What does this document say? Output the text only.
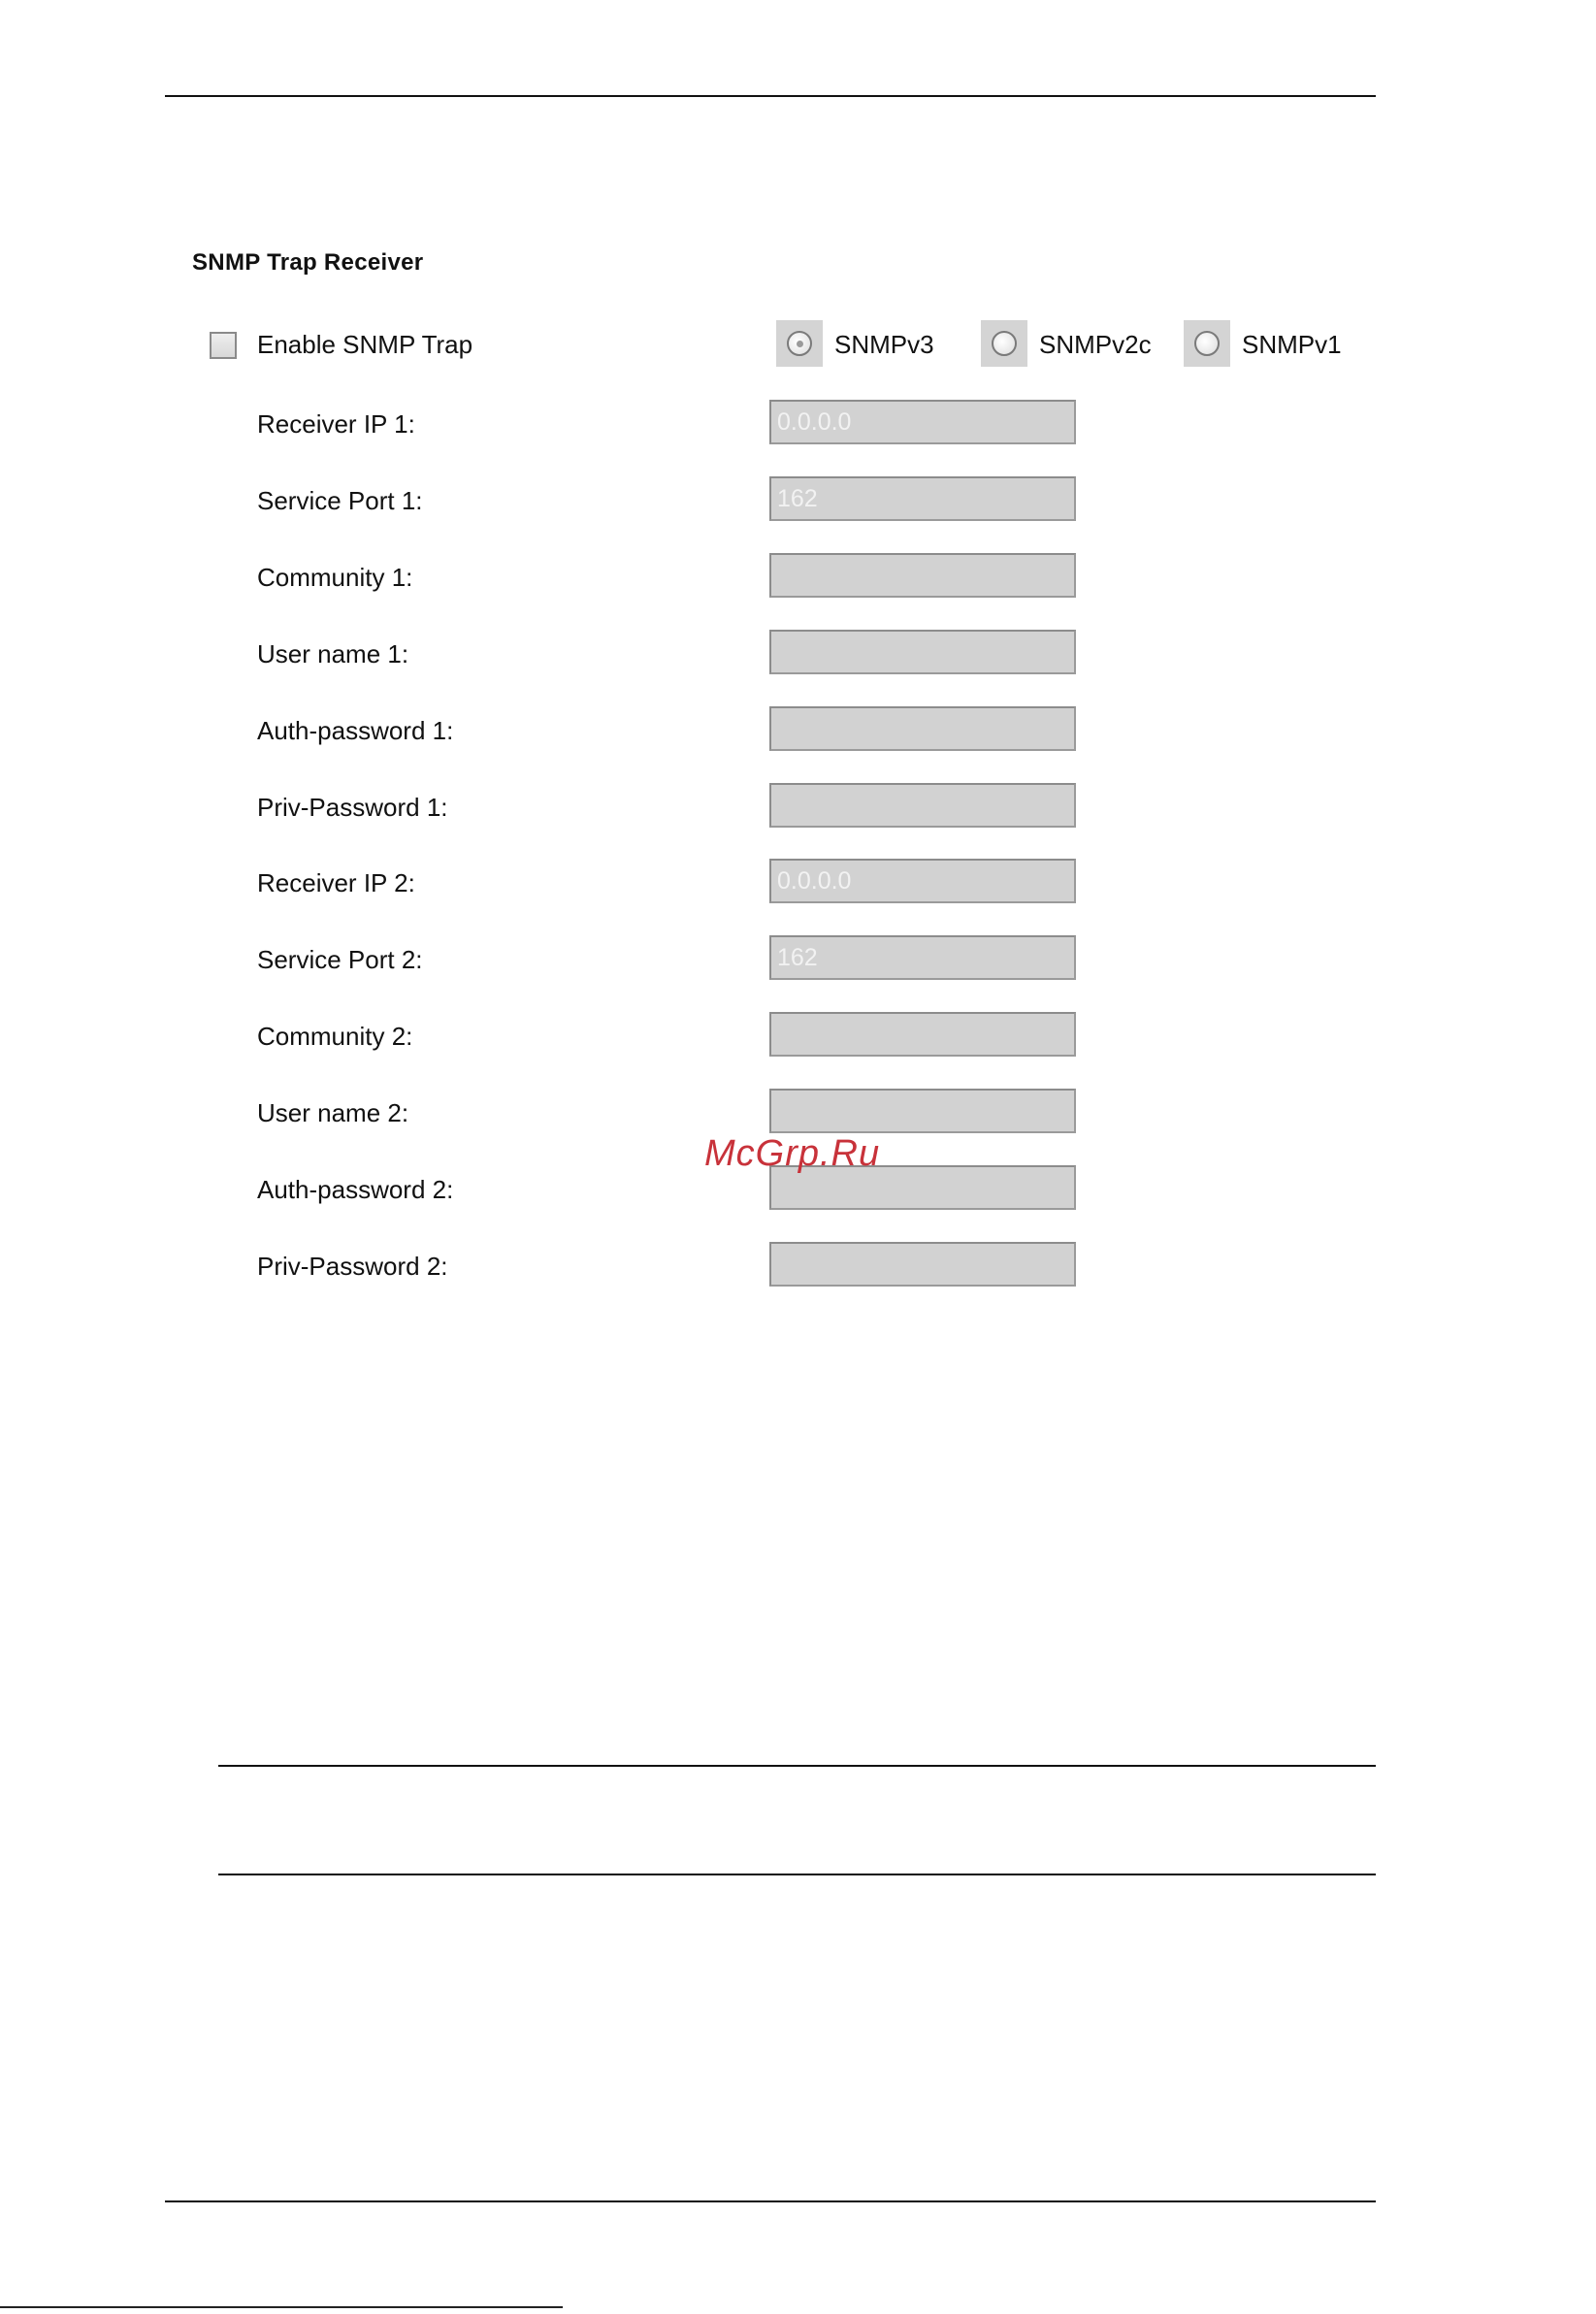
SNMP Trap Receiver
Enable SNMP Trap	SNMPv3	SNMPv2c	SNMPv1
Receiver IP 1:
0.0.0.0
Service Port 1:
162
Community 1:
User name 1:
Auth-password 1:
Priv-Password 1:
Receiver IP 2:
0.0.0.0
Service Port 2:
162
Community 2:
User name 2:
Auth-password 2:
Priv-Password 2:
McGrp.Ru
